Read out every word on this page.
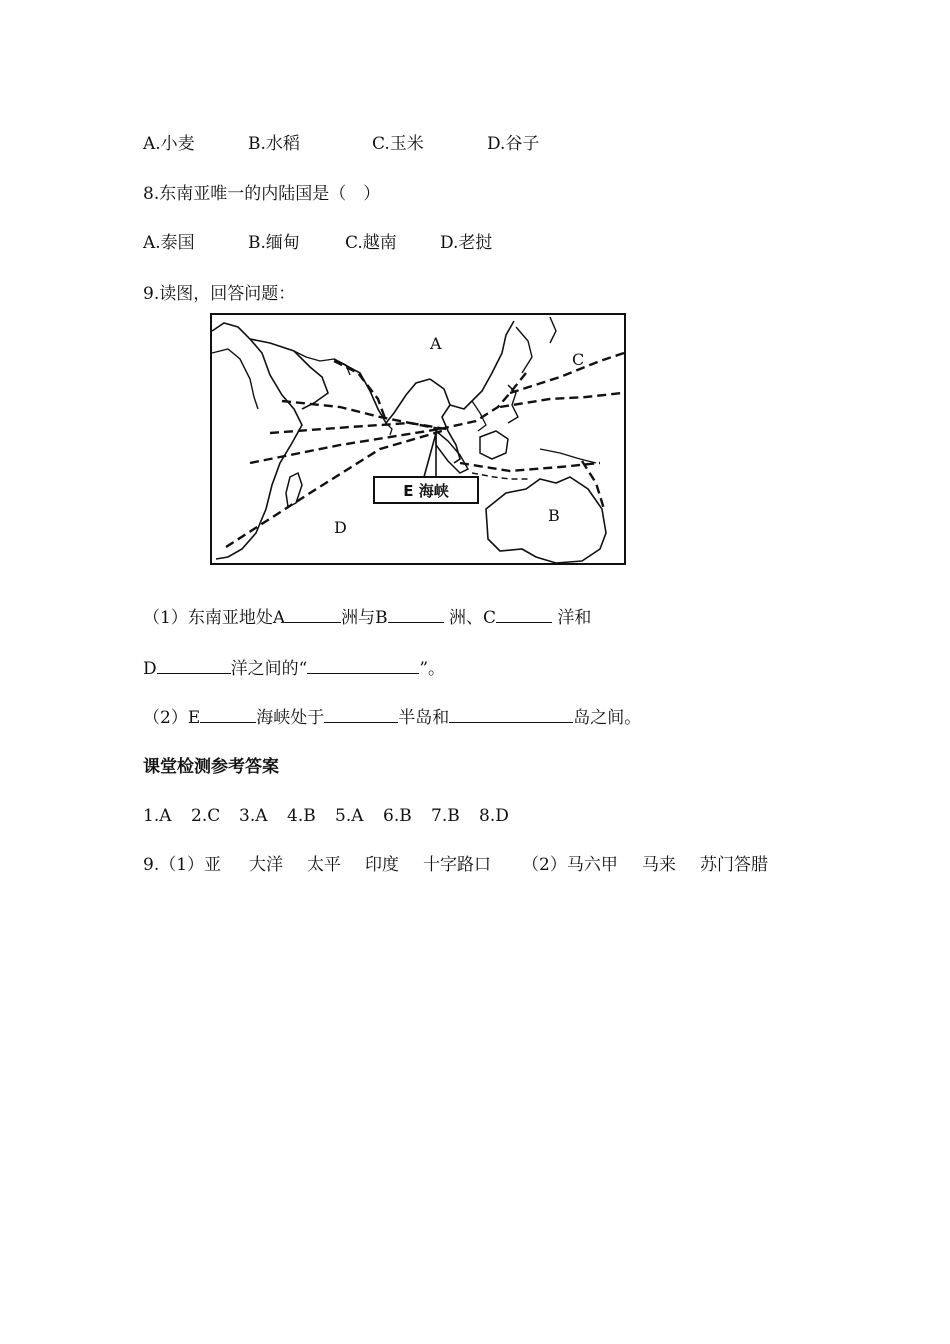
A.小麦	B.水稻	C.玉米	D.谷子
8.东南亚唯一的内陆国是（　）
A.泰国	B.缅甸	C.越南	D.老挝
9.读图，回答问题：
A
C
B
D
E 海峡
（1）东南亚地处A	洲与B	洲、C	洋和
D	洋之间的“	”。
（2）E	海峡处于	半岛和	岛之间。
课堂检测参考答案
1.A 2.C 3.A 4.B 5.A 6.B 7.B 8.D
9.（1）亚 大洋 太平 印度 十字路口 （2）马六甲 马来 苏门答腊
